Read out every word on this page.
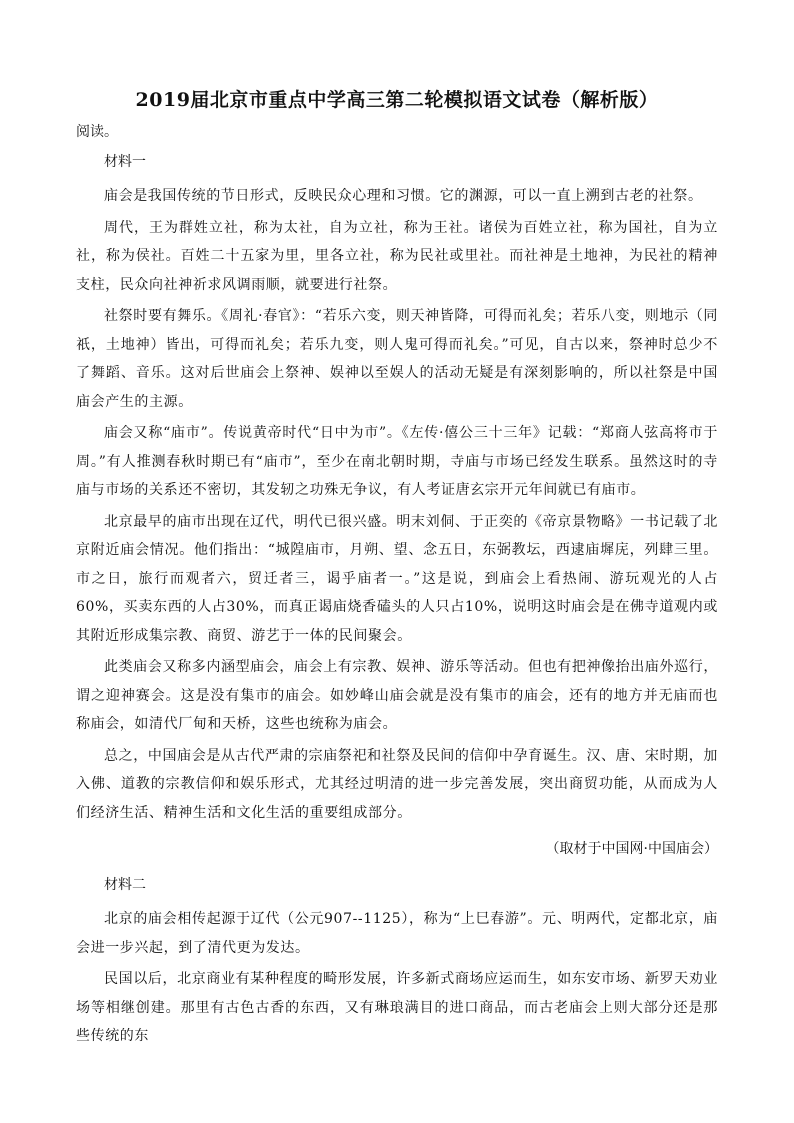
2019届北京市重点中学高三第二轮模拟语文试卷（解析版）

阅读。

材料一

庙会是我国传统的节日形式，反映民众心理和习惯。它的渊源，可以一直上溯到古老的社祭。

周代，王为群姓立社，称为太社，自为立社，称为王社。诸侯为百姓立社，称为国社，自为立社，称为侯社。百姓二十五家为里，里各立社，称为民社或里社。而社神是土地神，为民社的精神支柱，民众向社神祈求风调雨顺，就要进行社祭。

社祭时要有舞乐。《周礼·春官》：“若乐六变，则天神皆降，可得而礼矣；若乐八变，则地示（同祇，土地神）皆出，可得而礼矣；若乐九变，则人鬼可得而礼矣。”可见，自古以来，祭神时总少不了舞蹈、音乐。这对后世庙会上祭神、娱神以至娱人的活动无疑是有深刻影响的，所以社祭是中国庙会产生的主源。

庙会又称“庙市”。传说黄帝时代“日中为市”。《左传·僖公三十三年》记载：“郑商人弦高将市于周。”有人推测春秋时期已有“庙市”，至少在南北朝时期，寺庙与市场已经发生联系。虽然这时的寺庙与市场的关系还不密切，其发轫之功殊无争议，有人考证唐玄宗开元年间就已有庙市。

北京最早的庙市出现在辽代，明代已很兴盛。明末刘侗、于正奕的《帝京景物略》一书记载了北京附近庙会情况。他们指出：“城隍庙市，月朔、望、念五日，东弼教坛，西逮庙墀庑，列肆三里。市之日，旅行而观者六，贸迁者三，谒乎庙者一。”这是说，到庙会上看热闹、游玩观光的人占60%，买卖东西的人占30%，而真正谒庙烧香磕头的人只占10%，说明这时庙会是在佛寺道观内或其附近形成集宗教、商贸、游艺于一体的民间聚会。

此类庙会又称多内涵型庙会，庙会上有宗教、娱神、游乐等活动。但也有把神像抬出庙外巡行，谓之迎神赛会。这是没有集市的庙会。如妙峰山庙会就是没有集市的庙会，还有的地方并无庙而也称庙会，如清代厂甸和天桥，这些也统称为庙会。

总之，中国庙会是从古代严肃的宗庙祭祀和社祭及民间的信仰中孕育诞生。汉、唐、宋时期，加入佛、道教的宗教信仰和娱乐形式，尤其经过明清的进一步完善发展，突出商贸功能，从而成为人们经济生活、精神生活和文化生活的重要组成部分。

（取材于中国网·中国庙会）

材料二

北京的庙会相传起源于辽代（公元907--1125），称为“上巳春游”。元、明两代，定都北京，庙会进一步兴起，到了清代更为发达。

民国以后，北京商业有某种程度的畸形发展，许多新式商场应运而生，如东安市场、新罗天劝业场等相继创建。那里有古色古香的东西，又有琳琅满目的进口商品，而古老庙会上则大部分还是那些传统的东
